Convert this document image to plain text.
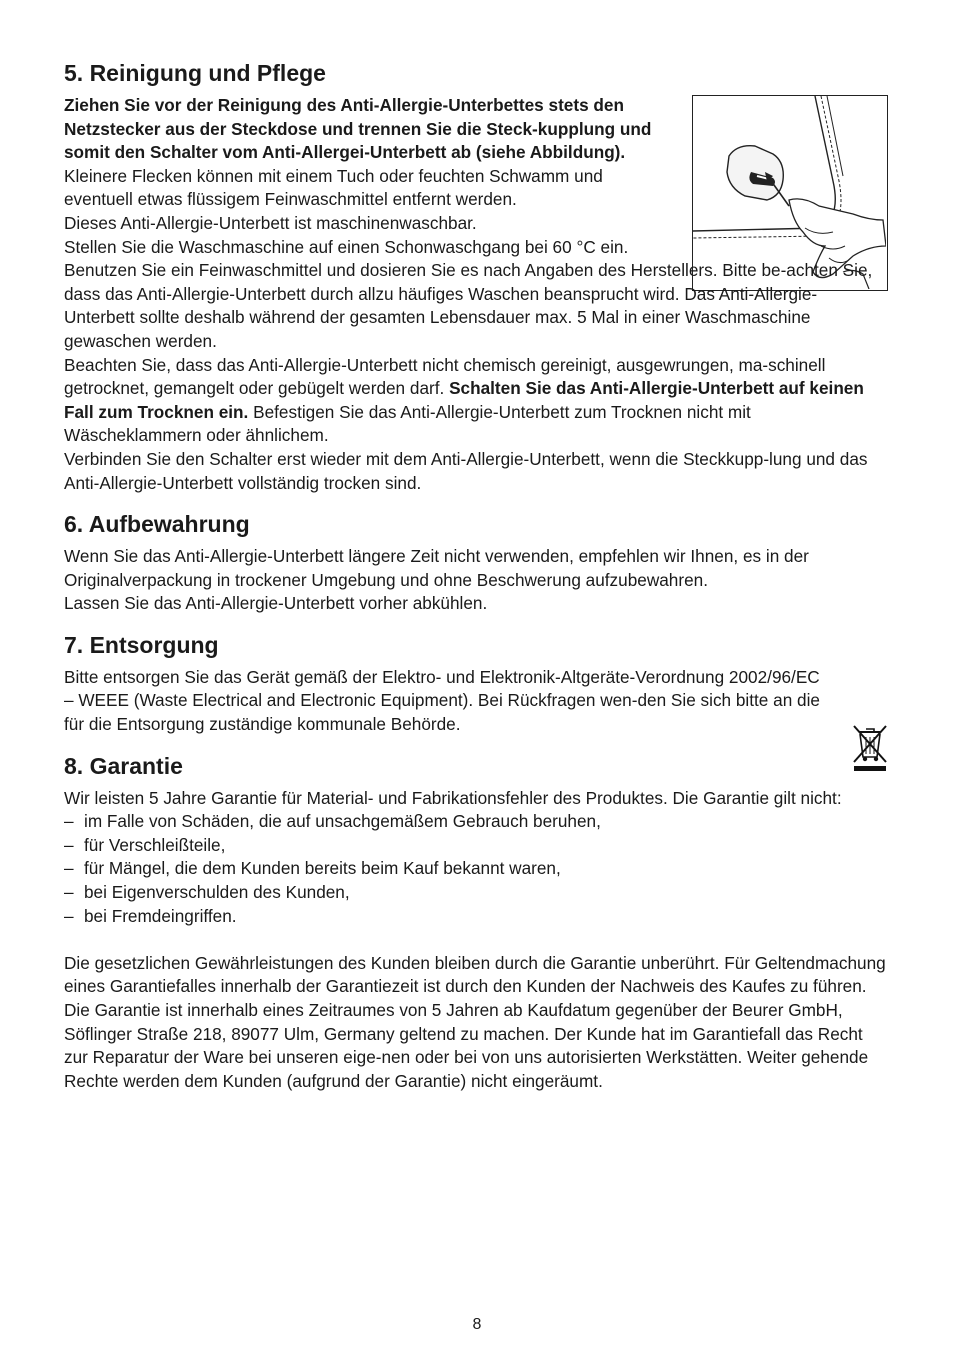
5. Reinigung und Pflege

Ziehen Sie vor der Reinigung des Anti-Allergie-Unterbettes stets den Netzstecker aus der Steckdose und trennen Sie die Steck-kupplung und somit den Schalter vom Anti-Allergei-Unterbett ab (siehe Abbildung).

Kleinere Flecken können mit einem Tuch oder feuchten Schwamm und eventuell etwas flüssigem Feinwaschmittel entfernt werden.

Dieses Anti-Allergie-Unterbett ist maschinenwaschbar.

Stellen Sie die Waschmaschine auf einen Schonwaschgang bei 60 °C ein.

Benutzen Sie ein Feinwaschmittel und dosieren Sie es nach Angaben des Herstellers. Bitte be-achten Sie, dass das Anti-Allergie-Unterbett durch allzu häufiges Waschen beansprucht wird. Das Anti-Allergie-Unterbett sollte deshalb während der gesamten Lebensdauer max. 5 Mal in einer Waschmaschine gewaschen werden.

Beachten Sie, dass das Anti-Allergie-Unterbett nicht chemisch gereinigt, ausgewrungen, ma-schinell getrocknet, gemangelt oder gebügelt werden darf. Schalten Sie das Anti-Allergie-Unterbett auf keinen Fall zum Trocknen ein. Befestigen Sie das Anti-Allergie-Unterbett zum Trocknen nicht mit Wäscheklammern oder ähnlichem.

Verbinden Sie den Schalter erst wieder mit dem Anti-Allergie-Unterbett, wenn die Steckkupp-lung und das Anti-Allergie-Unterbett vollständig trocken sind.

6. Aufbewahrung

Wenn Sie das Anti-Allergie-Unterbett längere Zeit nicht verwenden, empfehlen wir Ihnen, es in der Originalverpackung in trockener Umgebung und ohne Beschwerung aufzubewahren.

Lassen Sie das Anti-Allergie-Unterbett vorher abkühlen.

7. Entsorgung

Bitte entsorgen Sie das Gerät gemäß der Elektro- und Elektronik-Altgeräte-Verordnung 2002/96/EC – WEEE (Waste Electrical and Electronic Equipment). Bei Rückfragen wen-den Sie sich bitte an die für die Entsorgung zuständige kommunale Behörde.

8. Garantie

Wir leisten 5 Jahre Garantie für Material- und Fabrikationsfehler des Produktes. Die Garantie gilt nicht:

– im Falle von Schäden, die auf unsachgemäßem Gebrauch beruhen,
– für Verschleißteile,
– für Mängel, die dem Kunden bereits beim Kauf bekannt waren,
– bei Eigenverschulden des Kunden,
– bei Fremdeingriffen.

Die gesetzlichen Gewährleistungen des Kunden bleiben durch die Garantie unberührt. Für Geltendmachung eines Garantiefalles innerhalb der Garantiezeit ist durch den Kunden der Nachweis des Kaufes zu führen. Die Garantie ist innerhalb eines Zeitraumes von 5 Jahren ab Kaufdatum gegenüber der Beurer GmbH, Söflinger Straße 218, 89077 Ulm, Germany geltend zu machen. Der Kunde hat im Garantiefall das Recht zur Reparatur der Ware bei unseren eige-nen oder bei von uns autorisierten Werkstätten. Weiter gehende Rechte werden dem Kunden (aufgrund der Garantie) nicht eingeräumt.

8
